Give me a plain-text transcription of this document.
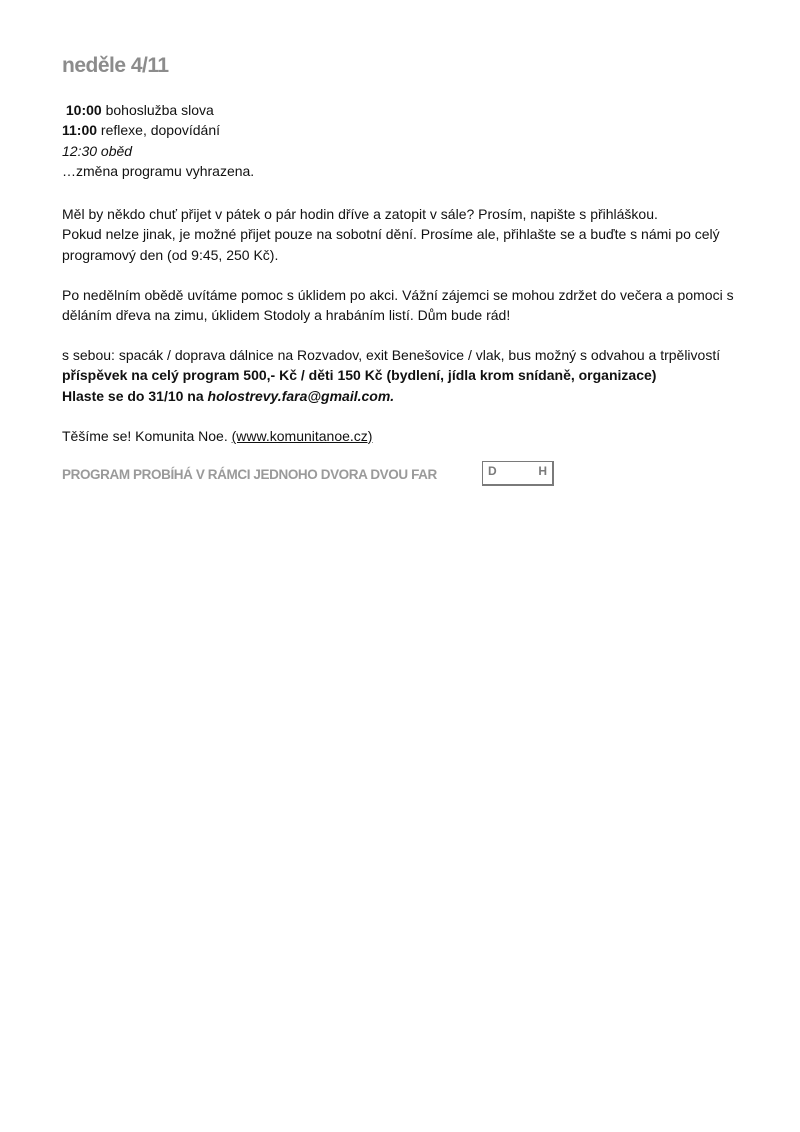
neděle 4/11

10:00 bohoslužba slova

11:00 reflexe, dopovídání

12:30 oběd

…změna programu vyhrazena.

Měl by někdo chuť přijet v pátek o pár hodin dříve a zatopit v sále? Prosím, napište s přihláškou.

Pokud nelze jinak, je možné přijet pouze na sobotní dění. Prosíme ale, přihlašte se a buďte s námi po celý

programový den (od 9:45, 250 Kč).

Po nedělním obědě uvítáme pomoc s úklidem po akci. Vážní zájemci se mohou zdržet do večera a pomoci s

děláním dřeva na zimu, úklidem Stodoly a hrabáním listí. Dům bude rád!

s sebou: spacák / doprava dálnice na Rozvadov, exit Benešovice / vlak, bus možný s odvahou a trpělivostí

příspěvek na celý program 500,- Kč / děti 150 Kč (bydlení, jídla krom snídaně, organizace)

Hlaste se do 31/10 na holostrevy.fara@gmail.com.

Těšíme se! Komunita Noe. (www.komunitanoe.cz)

PROGRAM PROBÍHÁ V RÁMCI JEDNOHO DVORA DVOU FAR	D	H
